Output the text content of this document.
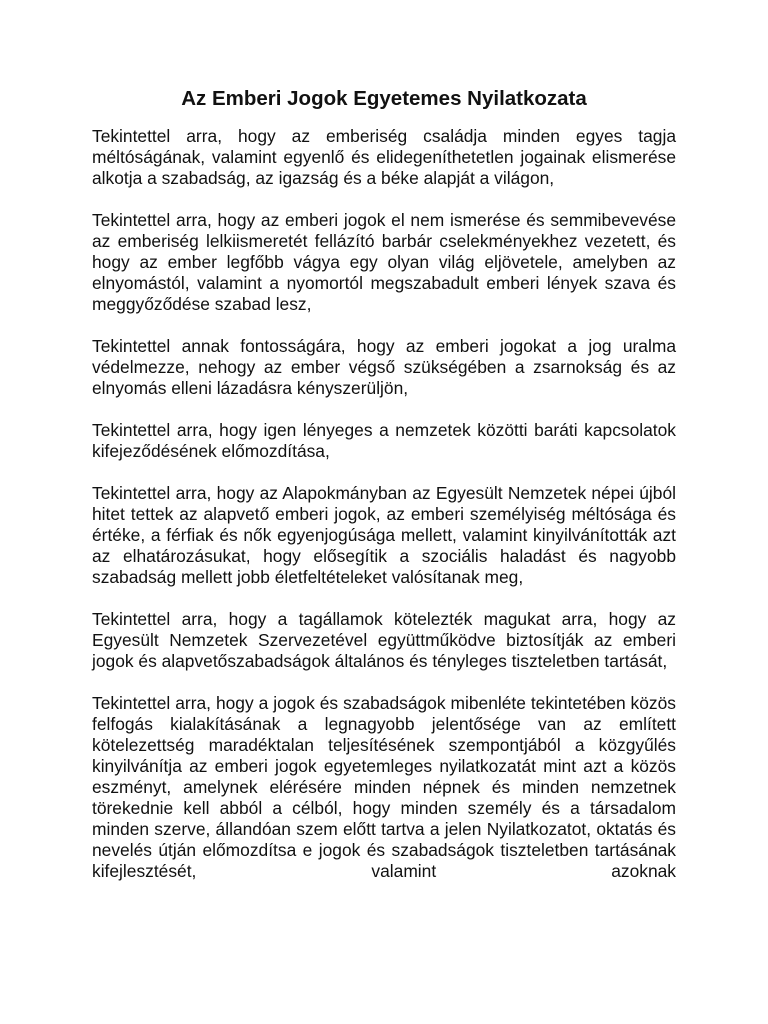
Az Emberi Jogok Egyetemes Nyilatkozata

Tekintettel arra, hogy az emberiség családja minden egyes tagja méltóságának, valamint egyenlő és elidegeníthetetlen jogainak elismerése alkotja a szabadság, az igazság és a béke alapját a világon,

Tekintettel arra, hogy az emberi jogok el nem ismerése és semmibevevése az emberiség lelkiismeretét fellázító barbár cselekményekhez vezetett, és hogy az ember legfőbb vágya egy olyan világ eljövetele, amelyben az elnyomástól, valamint a nyomortól megszabadult emberi lények szava és meggyőződése szabad lesz,

Tekintettel annak fontosságára, hogy az emberi jogokat a jog uralma védelmezze, nehogy az ember végső szükségében a zsarnokság és az elnyomás elleni lázadásra kényszerüljön,

Tekintettel arra, hogy igen lényeges a nemzetek közötti baráti kapcsolatok kifejeződésének előmozdítása,

Tekintettel arra, hogy az Alapokmányban az Egyesült Nemzetek népei újból hitet tettek az alapvető emberi jogok, az emberi személyiség méltósága és értéke, a férfiak és nők egyenjogúsága mellett, valamint kinyilvánították azt az elhatározásukat, hogy elősegítik a szociális haladást és nagyobb szabadság mellett jobb életfeltételeket valósítanak meg,

Tekintettel arra, hogy a tagállamok kötelezték magukat arra, hogy az Egyesült Nemzetek Szervezetével együttműködve biztosítják az emberi jogok és alapvetőszabadságok általános és tényleges tiszteletben tartását,

Tekintettel arra, hogy a jogok és szabadságok mibenléte tekintetében közös felfogás kialakításának a legnagyobb jelentősége van az említett kötelezettség maradéktalan teljesítésének szempontjából a közgyűlés kinyilvánítja az emberi jogok egyetemleges nyilatkozatát mint azt a közös eszményt, amelynek elérésére minden népnek és minden nemzetnek törekednie kell abból a célból, hogy minden személy és a társadalom minden szerve, állandóan szem előtt tartva a jelen Nyilatkozatot, oktatás és nevelés útján előmozdítsa e jogok és szabadságok tiszteletben tartásának kifejlesztését, valamint azoknak
